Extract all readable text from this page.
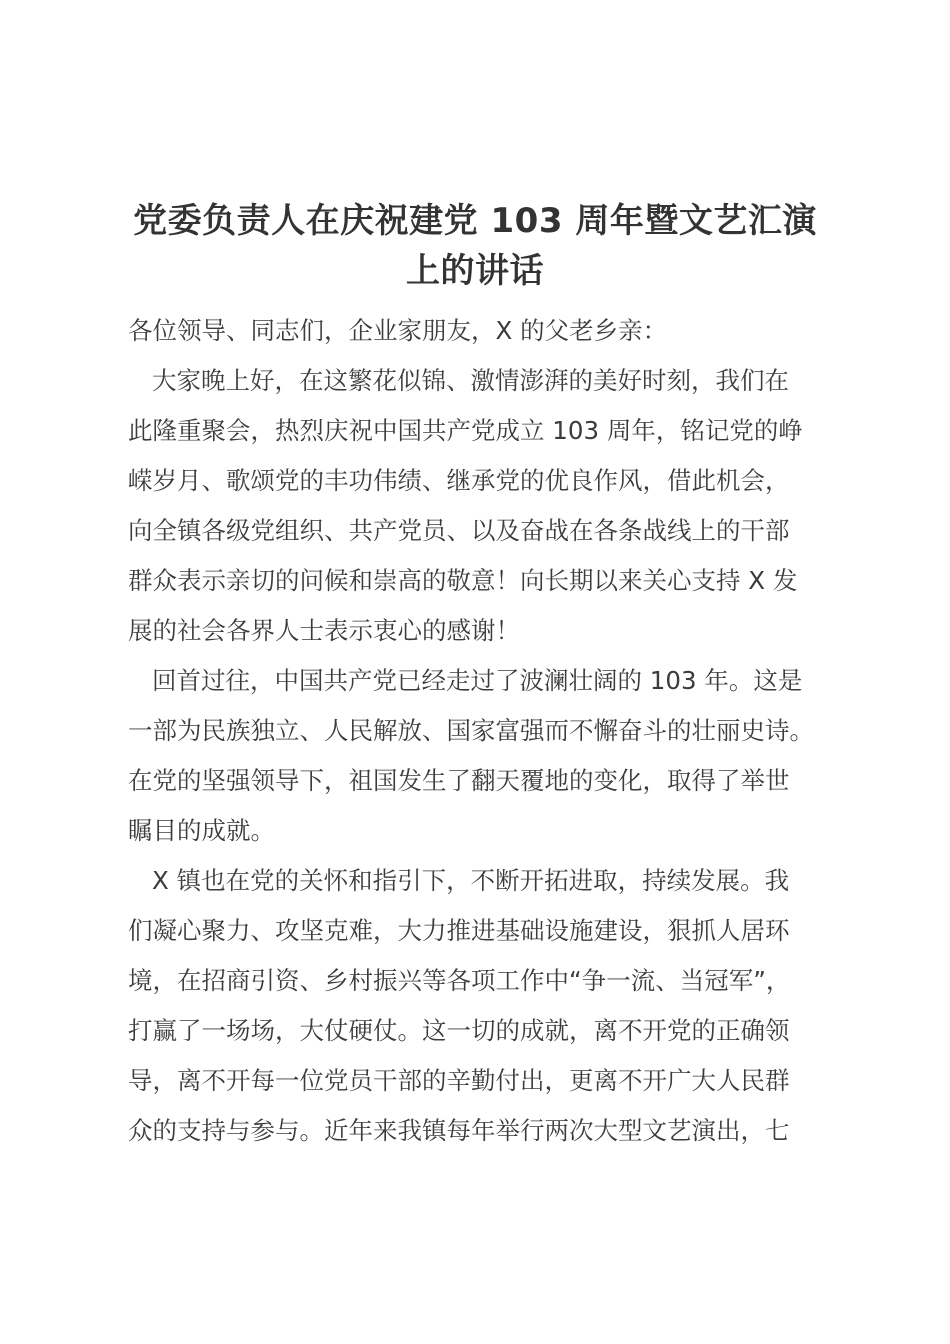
党委负责人在庆祝建党 103 周年暨文艺汇演
上的讲话
各位领导、同志们，企业家朋友，X 的父老乡亲：
大家晚上好，在这繁花似锦、激情澎湃的美好时刻，我们在
此隆重聚会，热烈庆祝中国共产党成立 103 周年，铭记党的峥
嵘岁月、歌颂党的丰功伟绩、继承党的优良作风，借此机会，
向全镇各级党组织、共产党员、以及奋战在各条战线上的干部
群众表示亲切的问候和崇高的敬意！向长期以来关心支持 X 发
展的社会各界人士表示衷心的感谢！
回首过往，中国共产党已经走过了波澜壮阔的 103 年。这是
一部为民族独立、人民解放、国家富强而不懈奋斗的壮丽史诗。
在党的坚强领导下，祖国发生了翻天覆地的变化，取得了举世
瞩目的成就。
X 镇也在党的关怀和指引下，不断开拓进取，持续发展。我
们凝心聚力、攻坚克难，大力推进基础设施建设，狠抓人居环
境，在招商引资、乡村振兴等各项工作中“争一流、当冠军”，
打赢了一场场，大仗硬仗。这一切的成就，离不开党的正确领
导，离不开每一位党员干部的辛勤付出，更离不开广大人民群
众的支持与参与。近年来我镇每年举行两次大型文艺演出，七
